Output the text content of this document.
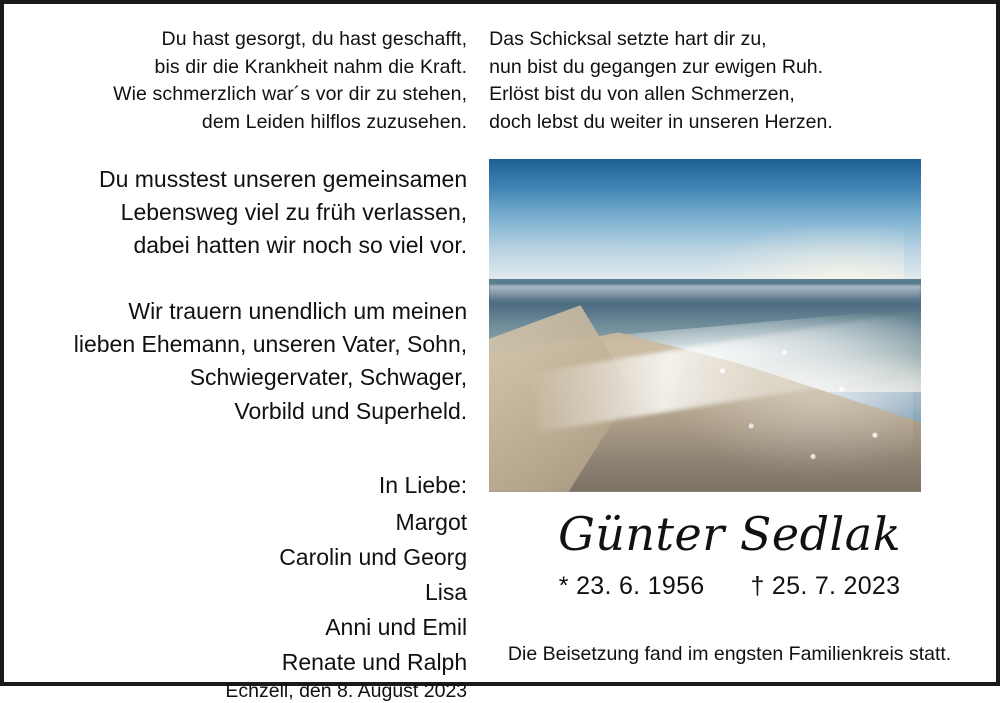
Du hast gesorgt, du hast geschafft,
bis dir die Krankheit nahm die Kraft.
Wie schmerzlich war´s vor dir zu stehen,
dem Leiden hilflos zuzusehen.
Du musstest unseren gemeinsamen
Lebensweg viel zu früh verlassen,
dabei hatten wir noch so viel vor.
Wir trauern unendlich um meinen
lieben Ehemann, unseren Vater, Sohn,
Schwiegervater, Schwager,
Vorbild und Superheld.
In Liebe:
Margot
Carolin und Georg
Lisa
Anni und Emil
Renate und Ralph
Echzell, den 8. August 2023
Das Schicksal setzte hart dir zu,
nun bist du gegangen zur ewigen Ruh.
Erlöst bist du von allen Schmerzen,
doch lebst du weiter in unseren Herzen.
Günter Sedlak
* 23. 6. 1956 † 25. 7. 2023
Die Beisetzung fand im engsten Familienkreis statt.
